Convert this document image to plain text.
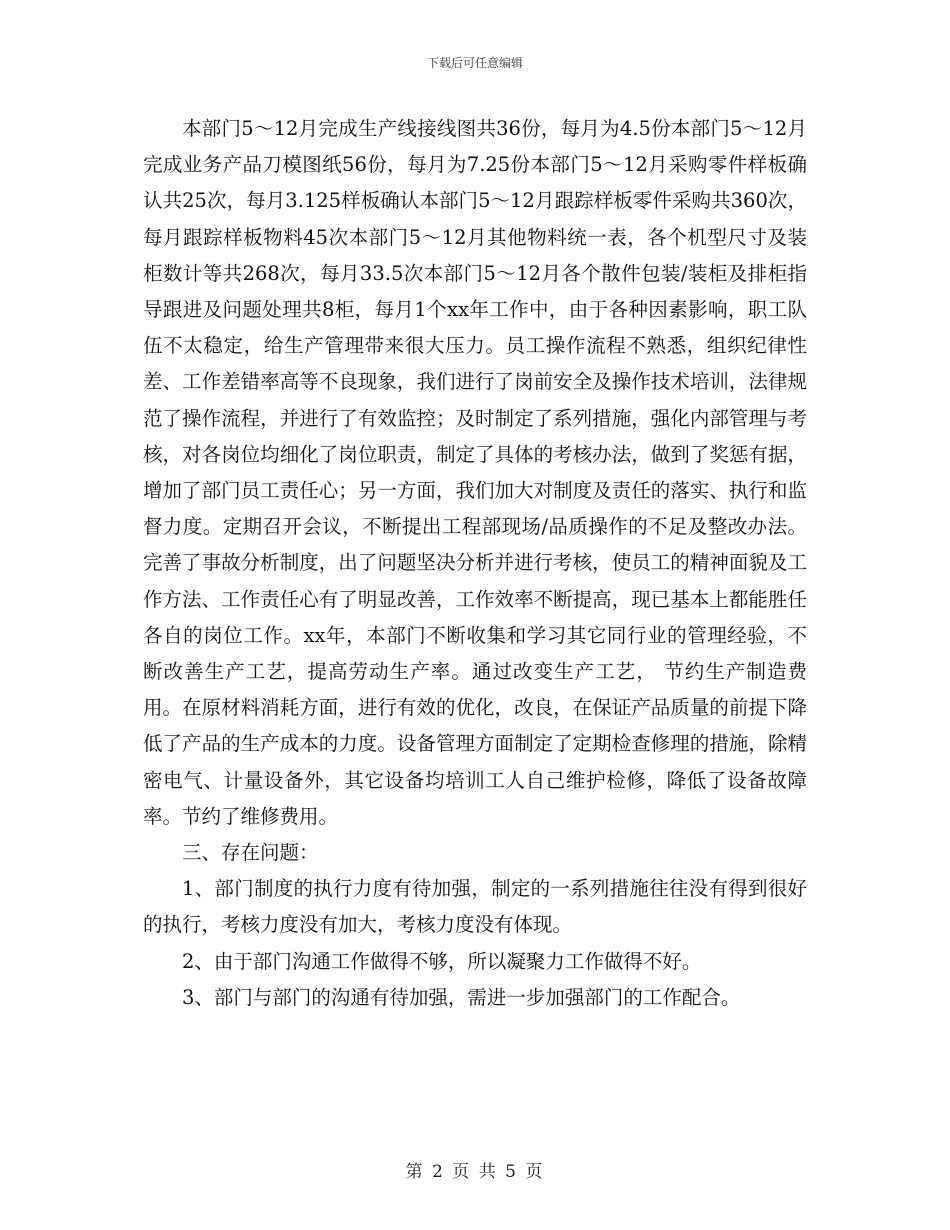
下载后可任意编辑

本部门5～12月完成生产线接线图共36份，每月为4.5份本部门5～12月完成业务产品刀模图纸56份，每月为7.25份本部门5～12月采购零件样板确认共25次，每月3.125样板确认本部门5～12月跟踪样板零件采购共360次，每月跟踪样板物料45次本部门5～12月其他物料统一表，各个机型尺寸及装柜数计等共268次，每月33.5次本部门5～12月各个散件包装/装柜及排柜指导跟进及问题处理共8柜，每月1个xx年工作中，由于各种因素影响，职工队伍不太稳定，给生产管理带来很大压力。员工操作流程不熟悉，组织纪律性差、工作差错率高等不良现象，我们进行了岗前安全及操作技术培训，法律规范了操作流程，并进行了有效监控；及时制定了系列措施，强化内部管理与考核，对各岗位均细化了岗位职责，制定了具体的考核办法，做到了奖惩有据，增加了部门员工责任心；另一方面，我们加大对制度及责任的落实、执行和监督力度。定期召开会议，不断提出工程部现场/品质操作的不足及整改办法。完善了事故分析制度，出了问题坚决分析并进行考核，使员工的精神面貌及工作方法、工作责任心有了明显改善，工作效率不断提高，现已基本上都能胜任各自的岗位工作。xx年，本部门不断收集和学习其它同行业的管理经验，不断改善生产工艺，提高劳动生产率。通过改变生产工艺， 节约生产制造费用。在原材料消耗方面，进行有效的优化，改良，在保证产品质量的前提下降低了产品的生产成本的力度。设备管理方面制定了定期检查修理的措施，除精密电气、计量设备外，其它设备均培训工人自己维护检修，降低了设备故障率。节约了维修费用。

三、存在问题：

1、部门制度的执行力度有待加强，制定的一系列措施往往没有得到很好的执行，考核力度没有加大，考核力度没有体现。

2、由于部门沟通工作做得不够，所以凝聚力工作做得不好。

3、部门与部门的沟通有待加强，需进一步加强部门的工作配合。

第 2 页 共 5 页
